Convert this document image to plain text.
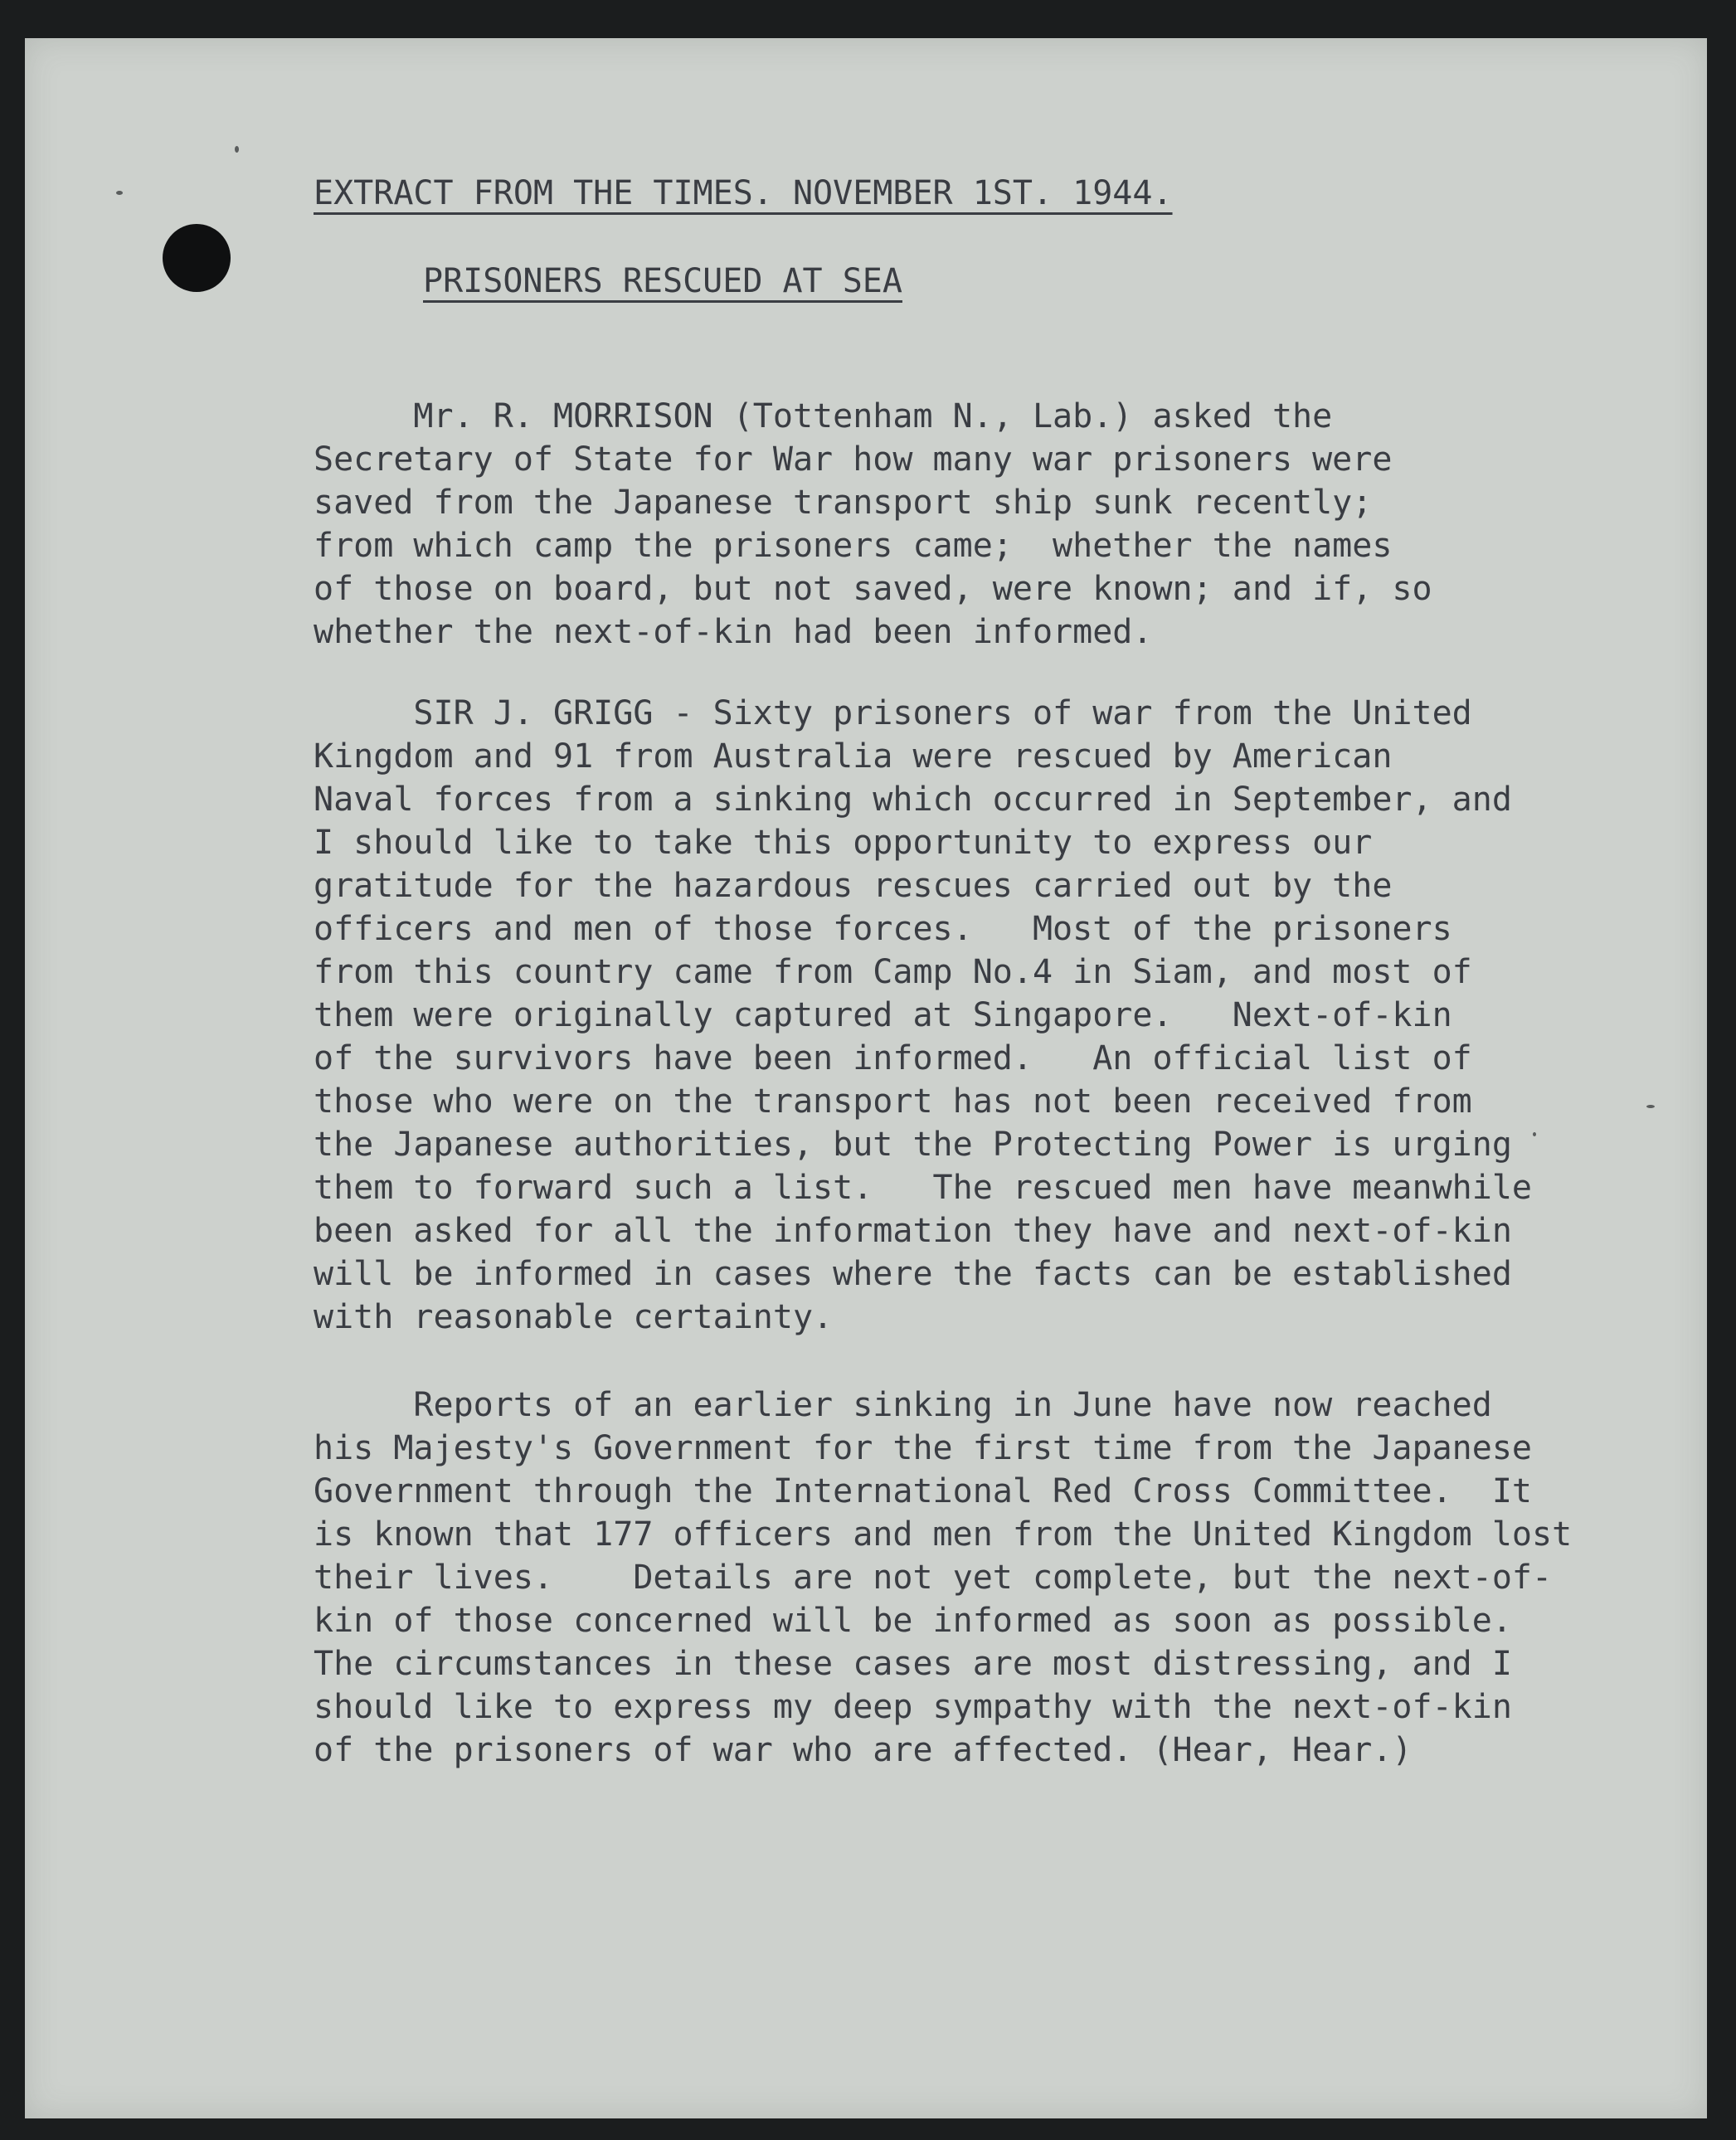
EXTRACT FROM THE TIMES. NOVEMBER 1ST. 1944.
PRISONERS RESCUED AT SEA
Mr. R. MORRISON (Tottenham N., Lab.) asked the
Secretary of State for War how many war prisoners were
saved from the Japanese transport ship sunk recently;
from which camp the prisoners came;  whether the names
of those on board, but not saved, were known; and if, so
whether the next-of-kin had been informed.
SIR J. GRIGG - Sixty prisoners of war from the United
Kingdom and 91 from Australia were rescued by American
Naval forces from a sinking which occurred in September, and
I should like to take this opportunity to express our
gratitude for the hazardous rescues carried out by the
officers and men of those forces.   Most of the prisoners
from this country came from Camp No.4 in Siam, and most of
them were originally captured at Singapore.   Next-of-kin
of the survivors have been informed.   An official list of
those who were on the transport has not been received from
the Japanese authorities, but the Protecting Power is urging
them to forward such a list.   The rescued men have meanwhile
been asked for all the information they have and next-of-kin
will be informed in cases where the facts can be established
with reasonable certainty.
Reports of an earlier sinking in June have now reached
his Majesty's Government for the first time from the Japanese
Government through the International Red Cross Committee.  It
is known that 177 officers and men from the United Kingdom lost
their lives.    Details are not yet complete, but the next-of-
kin of those concerned will be informed as soon as possible.
The circumstances in these cases are most distressing, and I
should like to express my deep sympathy with the next-of-kin
of the prisoners of war who are affected. (Hear, Hear.)
